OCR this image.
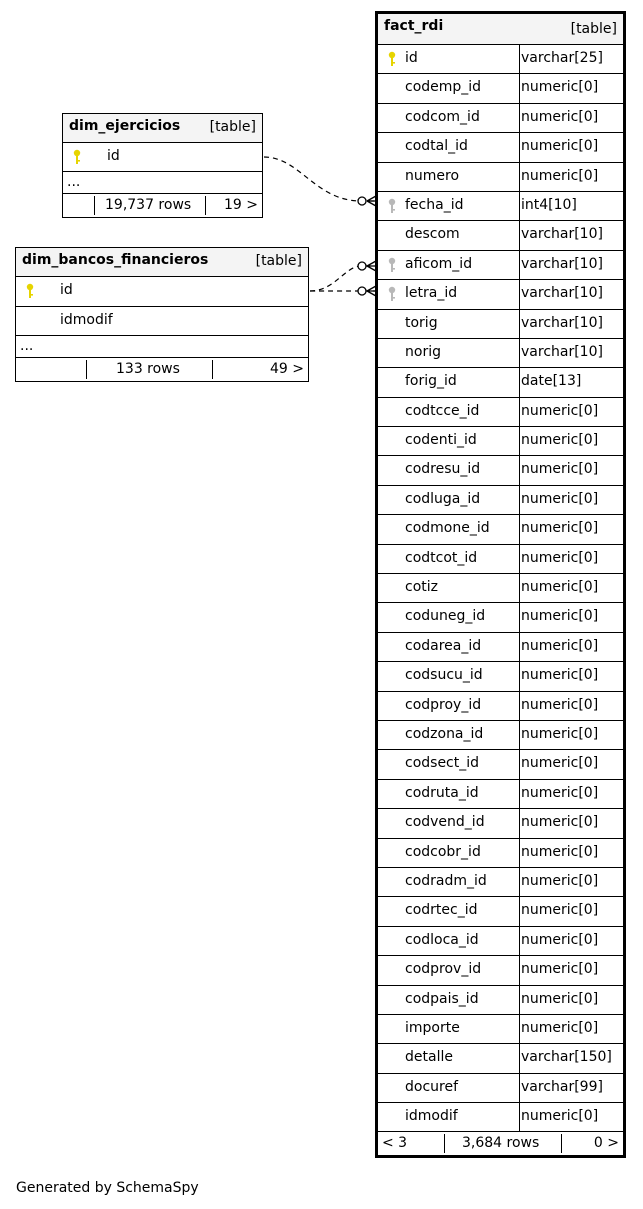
dim_ejercicios [table]
id
...
19,737 rows 19 >
dim_bancos_financieros	[table]
id
idmodif
...
133 rows	49 >
fact_rdi	[table]
id	varchar[25]
codemp_id	numeric[0]
codcom_id	numeric[0]
codtal_id	numeric[0]
numero	numeric[0]
fecha_id	int4[10]
descom	varchar[10]
aficom_id	varchar[10]
letra_id	varchar[10]
torig	varchar[10]
norig	varchar[10]
forig_id	date[13]
codtcce_id	numeric[0]
codenti_id	numeric[0]
codresu_id	numeric[0]
codluga_id	numeric[0]
codmone_id numeric[0]
codtcot_id	numeric[0]
cotiz	numeric[0]
coduneg_id	numeric[0]
codarea_id	numeric[0]
codsucu_id	numeric[0]
codproy_id	numeric[0]
codzona_id	numeric[0]
codsect_id	numeric[0]
codruta_id	numeric[0]
codvend_id	numeric[0]
codcobr_id	numeric[0]
codradm_id numeric[0]
codrtec_id	numeric[0]
codloca_id	numeric[0]
codprov_id	numeric[0]
codpais_id	numeric[0]
importe	numeric[0]
detalle	varchar[150]
docuref	varchar[99]
idmodif	numeric[0]
< 3	3,684 rows	0 >
Generated by SchemaSpy
